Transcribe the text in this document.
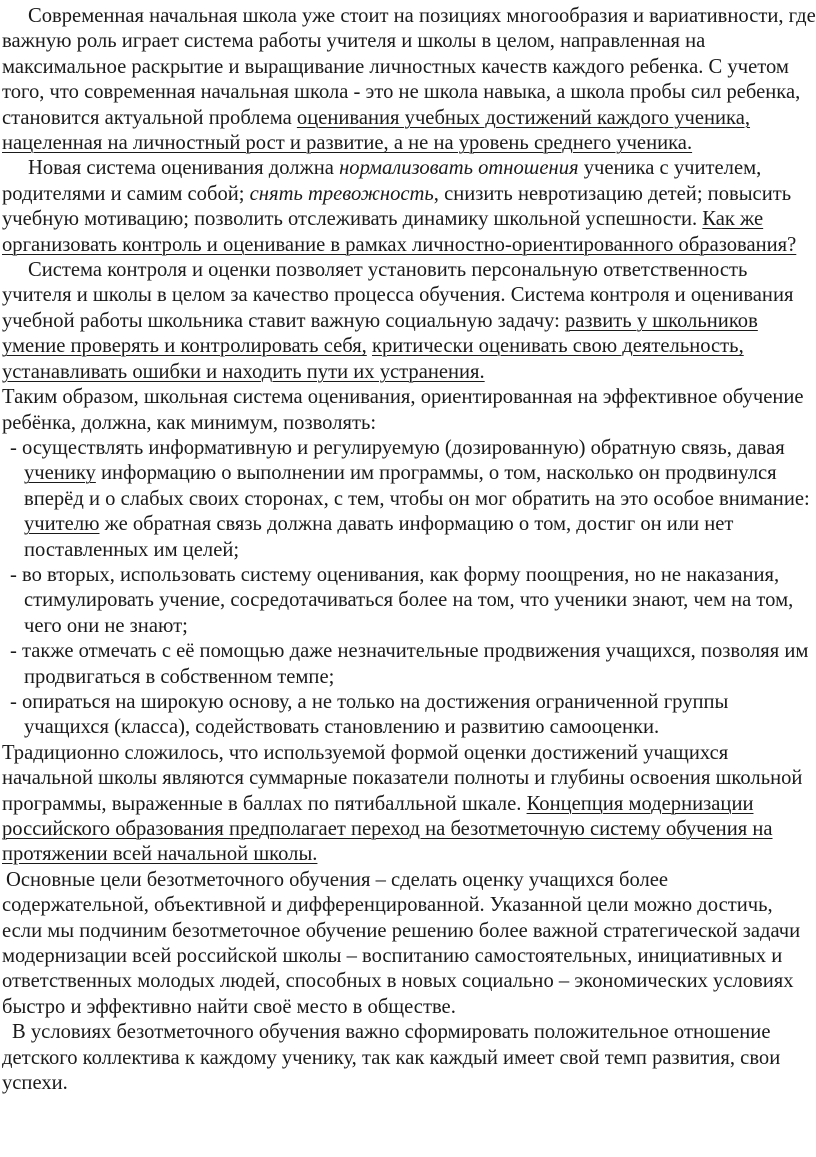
Современная начальная школа уже стоит на позициях многообразия и вариативности, где важную роль играет система работы учителя и школы в целом, направленная на максимальное раскрытие и выращивание личностных качеств каждого ребенка. С учетом того, что современная начальная школа - это не школа навыка, а школа пробы сил ребенка, становится актуальной проблема оценивания учебных достижений каждого ученика, нацеленная на личностный рост и развитие, а не на уровень среднего ученика.

Новая система оценивания должна нормализовать отношения ученика с учителем, родителями и самим собой; снять тревожность, снизить невротизацию детей; повысить учебную мотивацию; позволить отслеживать динамику школьной успешности. Как же организовать контроль и оценивание в рамках личностно-ориентированного образования?

Система контроля и оценки позволяет установить персональную ответственность учителя и школы в целом за качество процесса обучения. Система контроля и оценивания учебной работы школьника ставит важную социальную задачу: развить у школьников умение проверять и контролировать себя, критически оценивать свою деятельность, устанавливать ошибки и находить пути их устранения.

Таким образом, школьная система оценивания, ориентированная на эффективное обучение ребёнка, должна, как минимум, позволять:

- осуществлять информативную и регулируемую (дозированную) обратную связь, давая ученику информацию о выполнении им программы, о том, насколько он продвинулся вперёд и о слабых своих сторонах, с тем, чтобы он мог обратить на это особое внимание: учителю же обратная связь должна давать информацию о том, достиг он или нет поставленных им целей;

- во вторых, использовать систему оценивания, как форму поощрения, но не наказания, стимулировать учение, сосредотачиваться более на том, что ученики знают, чем на том, чего они не знают;

- также отмечать с её помощью даже незначительные продвижения учащихся, позволяя им продвигаться в собственном темпе;

- опираться на широкую основу, а не только на достижения ограниченной группы учащихся (класса), содействовать становлению и развитию самооценки.

Традиционно сложилось, что используемой формой оценки достижений учащихся начальной школы являются суммарные показатели полноты и глубины освоения школьной программы, выраженные в баллах по пятибалльной шкале. Концепция модернизации российского образования предполагает переход на безотметочную систему обучения на протяжении всей начальной школы.

Основные цели безотметочного обучения – сделать оценку учащихся более содержательной, объективной и дифференцированной. Указанной цели можно достичь, если мы подчиним безотметочное обучение решению более важной стратегической задачи модернизации всей российской школы – воспитанию самостоятельных, инициативных и ответственных молодых людей, способных в новых социально – экономических условиях быстро и эффективно найти своё место в обществе.

В условиях безотметочного обучения важно сформировать положительное отношение детского коллектива к каждому ученику, так как каждый имеет свой темп развития, свои успехи.
